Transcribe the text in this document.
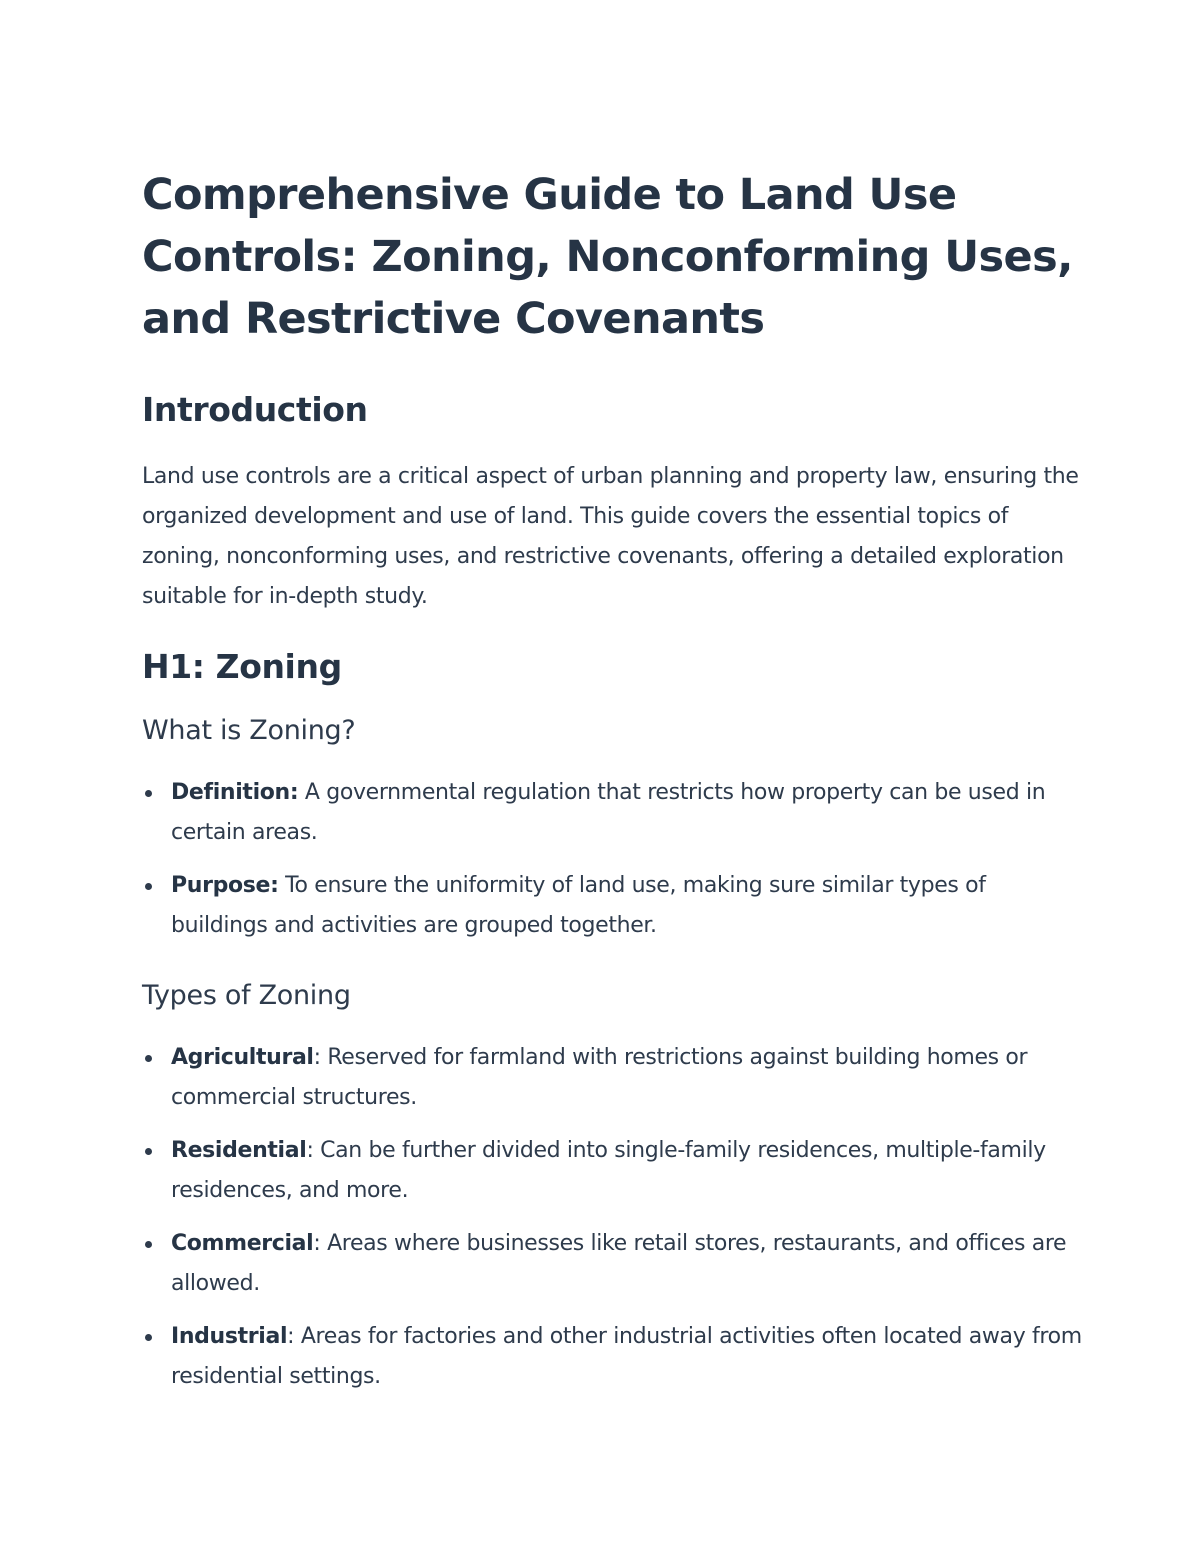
Comprehensive Guide to Land Use Controls: Zoning, Nonconforming Uses, and Restrictive Covenants
Introduction

Land use controls are a critical aspect of urban planning and property law, ensuring the organized development and use of land. This guide covers the essential topics of zoning, nonconforming uses, and restrictive covenants, offering a detailed exploration suitable for in-depth study.

H1: Zoning
What is Zoning?
Definition: A governmental regulation that restricts how property can be used in certain areas.
Purpose: To ensure the uniformity of land use, making sure similar types of buildings and activities are grouped together.
Types of Zoning
Agricultural: Reserved for farmland with restrictions against building homes or commercial structures.
Residential: Can be further divided into single-family residences, multiple-family residences, and more.
Commercial: Areas where businesses like retail stores, restaurants, and offices are allowed.
Industrial: Areas for factories and other industrial activities often located away from residential settings.
